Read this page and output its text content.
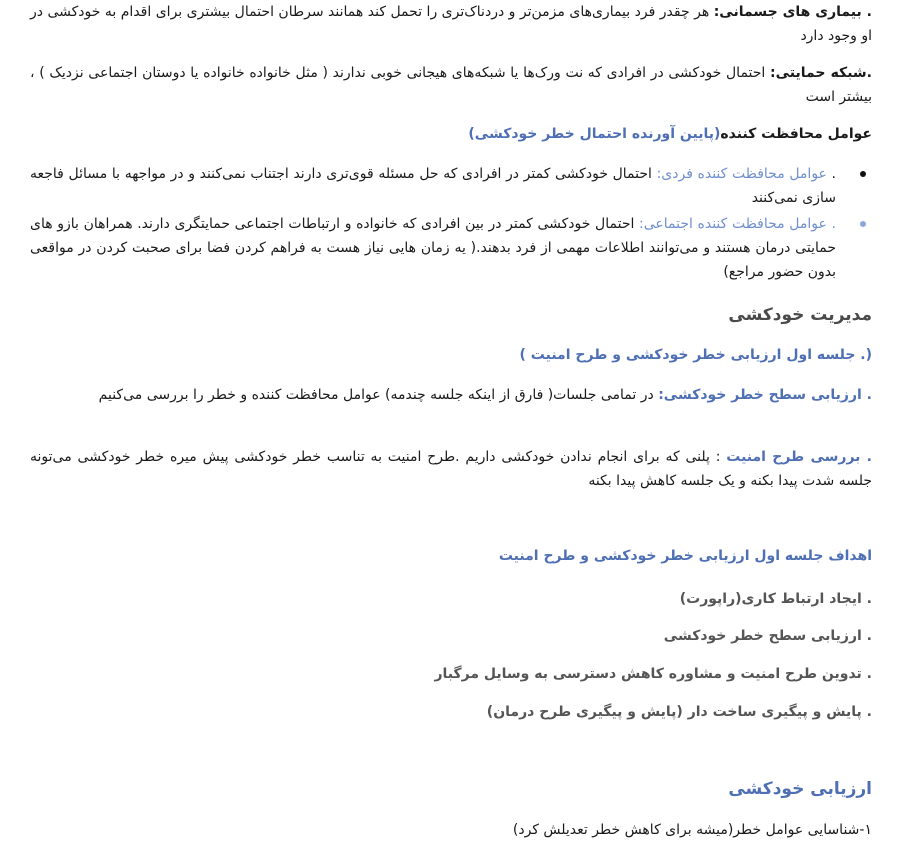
. بیماری های جسمانی: هر چقدر فرد بیماری‌های مزمن‌تر و دردناک‌تری را تحمل کند همانند سرطان احتمال بیشتری برای اقدام به خودکشی در او وجود دارد
.شبکه حمایتی: احتمال خودکشی در افرادی که نت ورک‌ها یا شبکه‌های هیجانی خوبی ندارند ( مثل خانواده خانواده یا دوستان اجتماعی نزدیک ) ، بیشتر است
عوامل محافظت کننده(پایین آورنده احتمال خطر خودکشی)
. عوامل محافظت کننده فردی: احتمال خودکشی کمتر در افرادی که حل مسئله قوی‌تری دارند اجتناب نمی‌کنند و در مواجهه با مسائل فاجعه سازی نمی‌کنند
. عوامل محافظت کننده اجتماعی: احتمال خودکشی کمتر در بین افرادی که خانواده و ارتباطات اجتماعی حمایتگری دارند. همراهان بازو های حمایتی درمان هستند و می‌توانند اطلاعات مهمی از فرد بدهند.( یه زمان هایی نیاز هست به فراهم کردن فضا برای صحبت کردن در مواقعی بدون حضور مراجع)
مدیریت خودکشی
(. جلسه اول ارزیابی خطر خودکشی و طرح امنیت )
. ارزیابی سطح خطر خودکشی: در تمامی جلسات( فارق از اینکه جلسه چندمه) عوامل محافظت کننده و خطر را بررسی می‌کنیم
. بررسی طرح امنیت : پلنی که برای انجام ندادن خودکشی داریم .طرح امنیت به تناسب خطر خودکشی پیش میره خطر خودکشی می‌تونه جلسه شدت پیدا بکنه و یک جلسه کاهش پیدا بکنه
اهداف جلسه اول ارزیابی خطر خودکشی و طرح امنیت
. ایجاد ارتباط کاری(راپورت)
. ارزیابی سطح خطر خودکشی
. تدوین طرح امنیت و مشاوره کاهش دسترسی به وسایل مرگبار
. پایش و پیگیری ساخت دار (پایش و پیگیری طرح درمان)
ارزیابی خودکشی
۱-شناسایی عوامل خطر(میشه برای کاهش خطر تعدیلش کرد)
